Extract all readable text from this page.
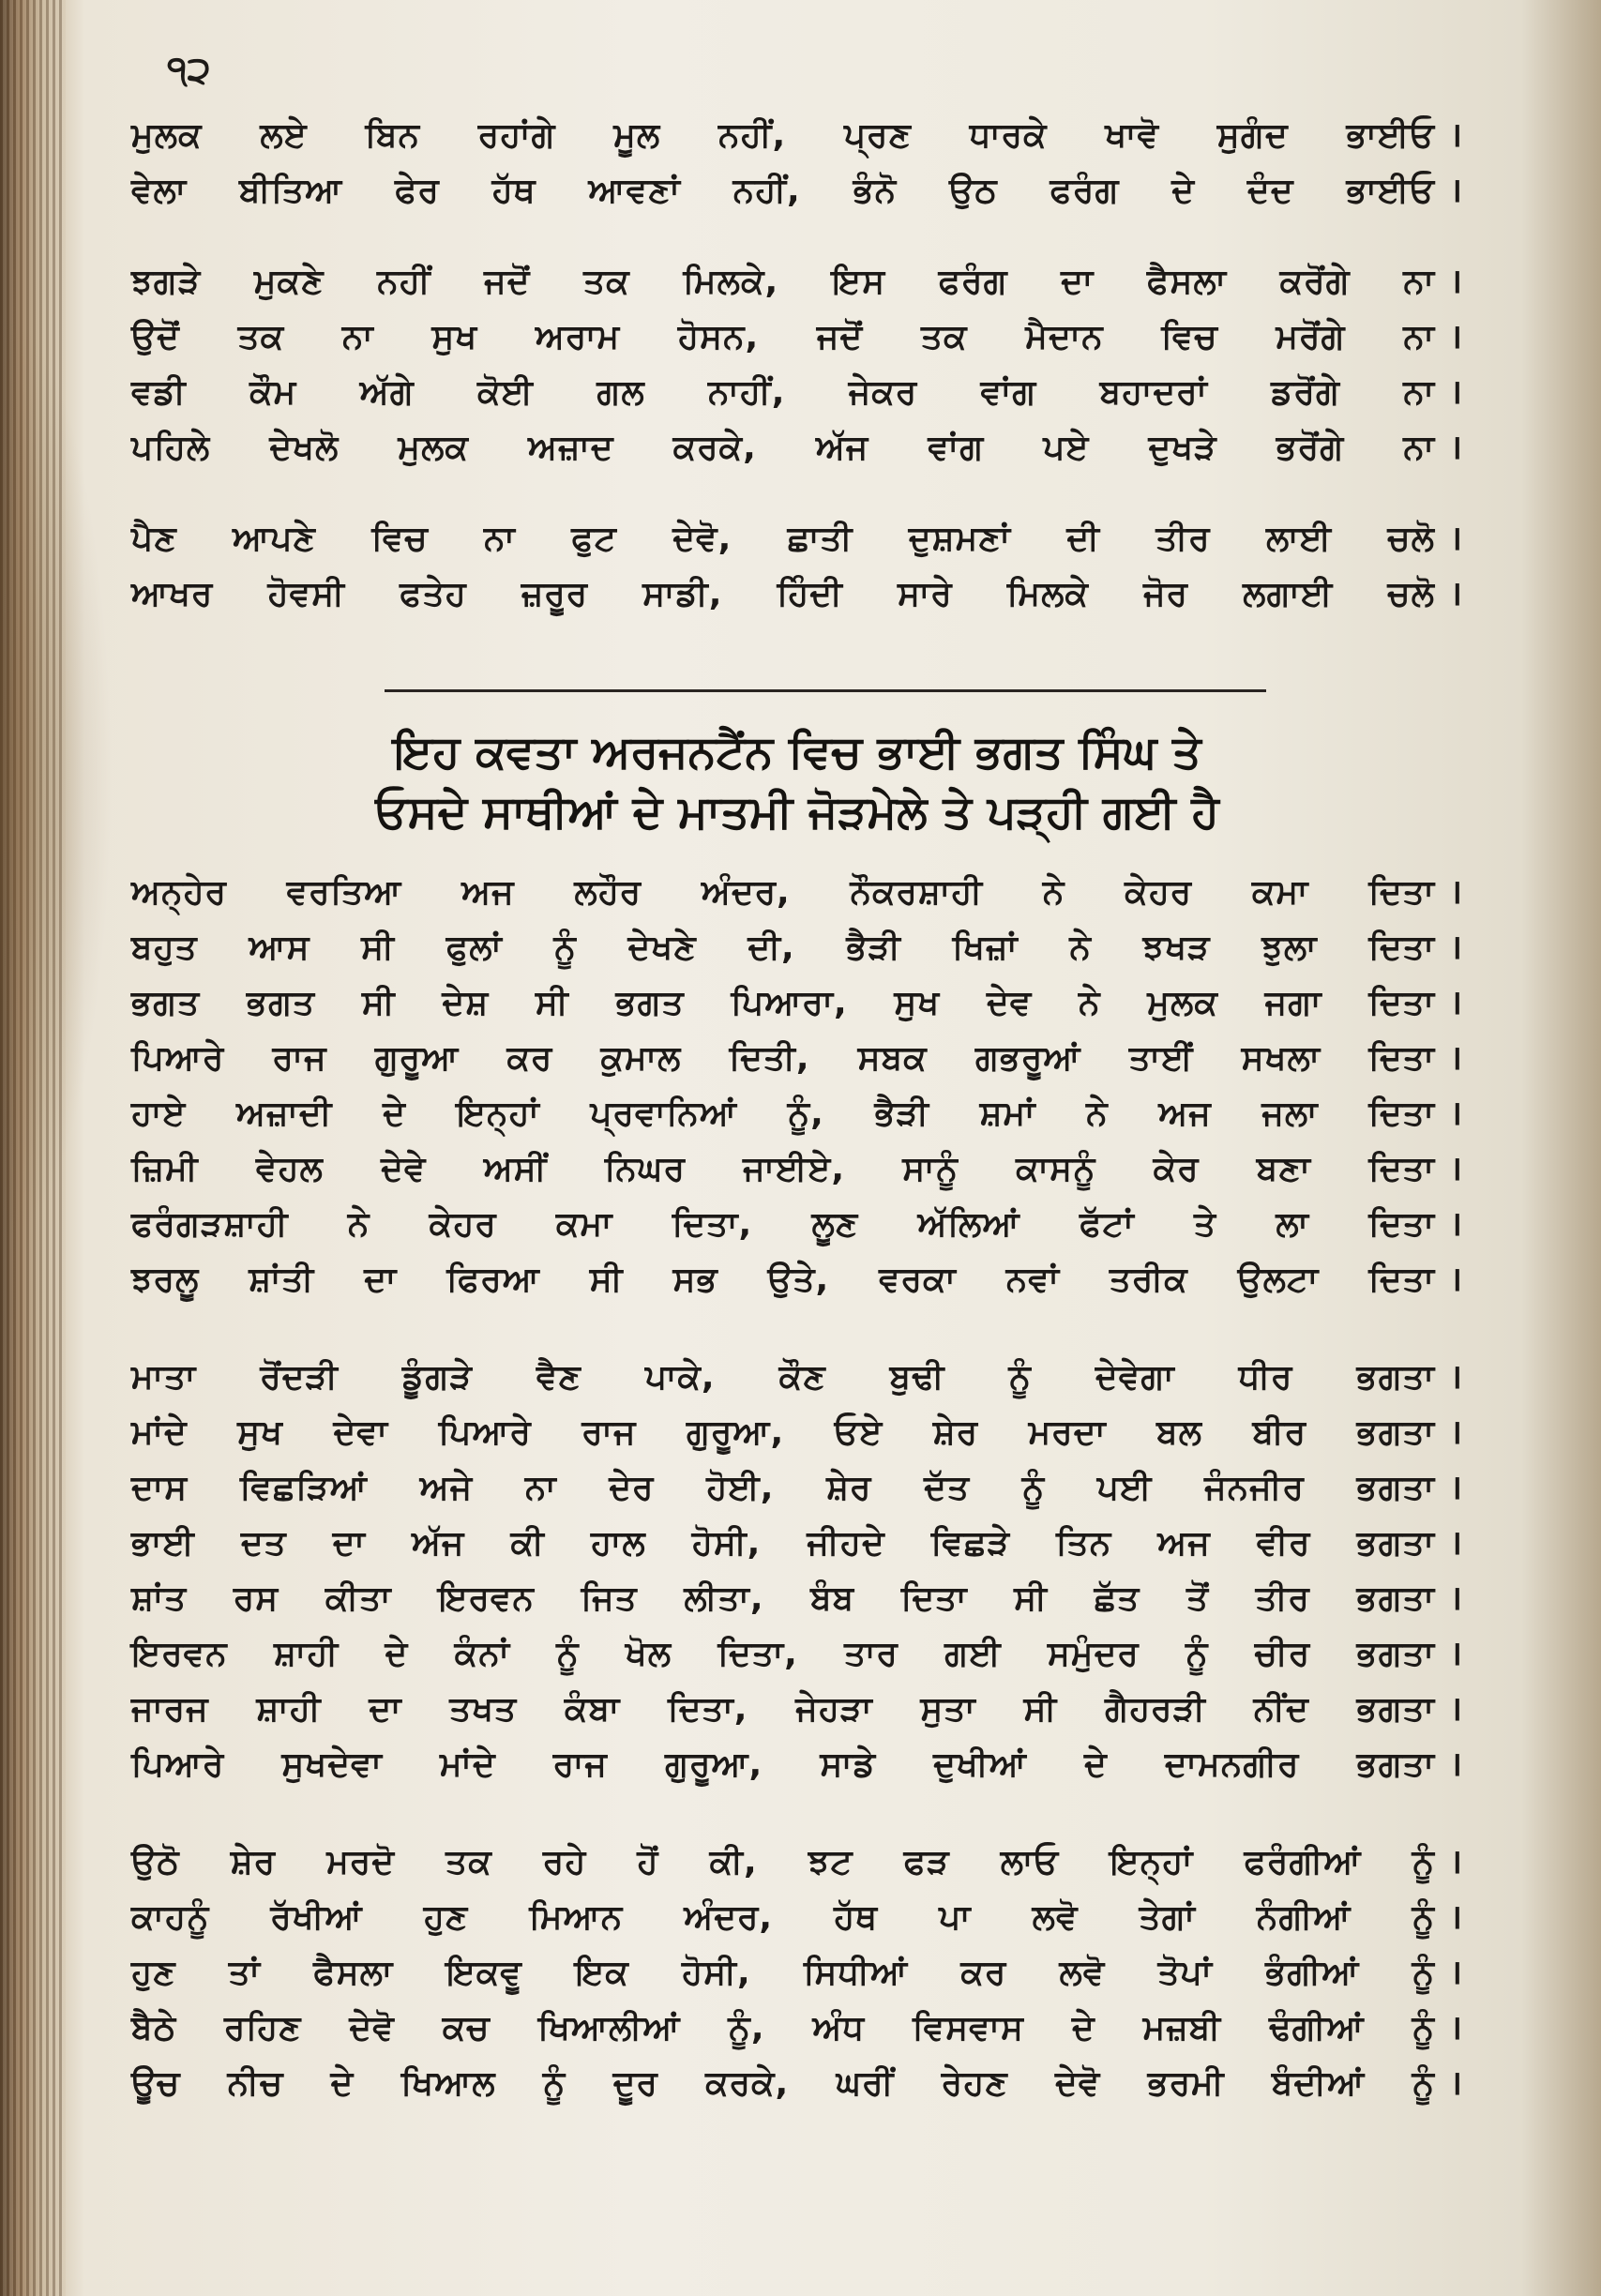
੧੨
ਮੁਲਕ ਲਏ ਬਿਨ ਰਹਾਂਗੇ ਮੂਲ ਨਹੀਂ, ਪ੍ਰਣ ਧਾਰਕੇ ਖਾਵੋ ਸੁਗੰਦ ਭਾਈਓ ।
ਵੇਲਾ ਬੀਤਿਆ ਫੇਰ ਹੱਥ ਆਵਣਾਂ ਨਹੀਂ, ਭੰਨੋ ਉਠ ਫਰੰਗ ਦੇ ਦੰਦ ਭਾਈਓ ।
ਝਗੜੇ ਮੁਕਣੇ ਨਹੀਂ ਜਦੋਂ ਤਕ ਮਿਲਕੇ, ਇਸ ਫਰੰਗ ਦਾ ਫੈਸਲਾ ਕਰੋਂਗੇ ਨਾ ।
ਉਦੋਂ ਤਕ ਨਾ ਸੁਖ ਅਰਾਮ ਹੋਸਨ, ਜਦੋਂ ਤਕ ਮੈਦਾਨ ਵਿਚ ਮਰੋਂਗੇ ਨਾ ।
ਵਡੀ ਕੌਮ ਅੱਗੇ ਕੋਈ ਗਲ ਨਾਹੀਂ, ਜੇਕਰ ਵਾਂਗ ਬਹਾਦਰਾਂ ਡਰੋਂਗੇ ਨਾ ।
ਪਹਿਲੇ ਦੇਖਲੋ ਮੁਲਕ ਅਜ਼ਾਦ ਕਰਕੇ, ਅੱਜ ਵਾਂਗ ਪਏ ਦੁਖੜੇ ਭਰੋਂਗੇ ਨਾ ।
ਪੈਣ ਆਪਣੇ ਵਿਚ ਨਾ ਫੁਟ ਦੇਵੋ, ਛਾਤੀ ਦੁਸ਼ਮਣਾਂ ਦੀ ਤੀਰ ਲਾਈ ਚਲੋ ।
ਆਖਰ ਹੋਵਸੀ ਫਤੇਹ ਜ਼ਰੂਰ ਸਾਡੀ, ਹਿੰਦੀ ਸਾਰੇ ਮਿਲਕੇ ਜੋਰ ਲਗਾਈ ਚਲੋ ।
ਇਹ ਕਵਤਾ ਅਰਜਨਟੈਂਨ ਵਿਚ ਭਾਈ ਭਗਤ ਸਿੰਘ ਤੇ
ਓਸਦੇ ਸਾਥੀਆਂ ਦੇ ਮਾਤਮੀ ਜੋੜਮੇਲੇ ਤੇ ਪੜ੍ਹੀ ਗਈ ਹੈ
ਅਨ੍ਹੇਰ ਵਰਤਿਆ ਅਜ ਲਹੌਰ ਅੰਦਰ, ਨੌਕਰਸ਼ਾਹੀ ਨੇ ਕੇਹਰ ਕਮਾ ਦਿਤਾ ।
ਬਹੁਤ ਆਸ ਸੀ ਫੁਲਾਂ ਨੂੰ ਦੇਖਣੇ ਦੀ, ਭੈੜੀ ਖਿਜ਼ਾਂ ਨੇ ਝਖੜ ਝੁਲਾ ਦਿਤਾ ।
ਭਗਤ ਭਗਤ ਸੀ ਦੇਸ਼ ਸੀ ਭਗਤ ਪਿਆਰਾ, ਸੁਖ ਦੇਵ ਨੇ ਮੁਲਕ ਜਗਾ ਦਿਤਾ ।
ਪਿਆਰੇ ਰਾਜ ਗੁਰੂਆ ਕਰ ਕੁਮਾਲ ਦਿਤੀ, ਸਬਕ ਗਭਰੂਆਂ ਤਾਈਂ ਸਖਲਾ ਦਿਤਾ ।
ਹਾਏ ਅਜ਼ਾਦੀ ਦੇ ਇਨ੍ਹਾਂ ਪ੍ਰਵਾਨਿਆਂ ਨੂੰ, ਭੈੜੀ ਸ਼ਮਾਂ ਨੇ ਅਜ ਜਲਾ ਦਿਤਾ ।
ਜ਼ਿਮੀ ਵੇਹਲ ਦੇਵੇ ਅਸੀਂ ਨਿਘਰ ਜਾਈਏ, ਸਾਨੂੰ ਕਾਸਨੂੰ ਕੇਰ ਬਣਾ ਦਿਤਾ ।
ਫਰੰਗੜਸ਼ਾਹੀ ਨੇ ਕੇਹਰ ਕਮਾ ਦਿਤਾ, ਲੂਣ ਅੱਲਿਆਂ ਫੱਟਾਂ ਤੇ ਲਾ ਦਿਤਾ ।
ਝਰਲੂ ਸ਼ਾਂਤੀ ਦਾ ਫਿਰਆ ਸੀ ਸਭ ਉਤੇ, ਵਰਕਾ ਨਵਾਂ ਤਰੀਕ ਉਲਟਾ ਦਿਤਾ ।
ਮਾਤਾ ਰੋਂਦੜੀ ਡੂੰਗੜੇ ਵੈਣ ਪਾਕੇ, ਕੌਣ ਬੁਢੀ ਨੂੰ ਦੇਵੇਗਾ ਧੀਰ ਭਗਤਾ ।
ਮਾਂਦੇ ਸੁਖ ਦੇਵਾ ਪਿਆਰੇ ਰਾਜ ਗੁਰੂਆ, ਓਏ ਸ਼ੇਰ ਮਰਦਾ ਬਲ ਬੀਰ ਭਗਤਾ ।
ਦਾਸ ਵਿਛੜਿਆਂ ਅਜੇ ਨਾ ਦੇਰ ਹੋਈ, ਸ਼ੇਰ ਦੱਤ ਨੂੰ ਪਈ ਜੰਨਜੀਰ ਭਗਤਾ ।
ਭਾਈ ਦਤ ਦਾ ਅੱਜ ਕੀ ਹਾਲ ਹੋਸੀ, ਜੀਹਦੇ ਵਿਛੜੇ ਤਿਨ ਅਜ ਵੀਰ ਭਗਤਾ ।
ਸ਼ਾਂਤ ਰਸ ਕੀਤਾ ਇਰਵਨ ਜਿਤ ਲੀਤਾ, ਬੰਬ ਦਿਤਾ ਸੀ ਛੱਤ ਤੋਂ ਤੀਰ ਭਗਤਾ ।
ਇਰਵਨ ਸ਼ਾਹੀ ਦੇ ਕੰਨਾਂ ਨੂੰ ਖੋਲ ਦਿਤਾ, ਤਾਰ ਗਈ ਸਮੁੰਦਰ ਨੂੰ ਚੀਰ ਭਗਤਾ ।
ਜਾਰਜ ਸ਼ਾਹੀ ਦਾ ਤਖਤ ਕੰਬਾ ਦਿਤਾ, ਜੇਹੜਾ ਸੁਤਾ ਸੀ ਗੈਹਰੜੀ ਨੀਂਦ ਭਗਤਾ ।
ਪਿਆਰੇ ਸੁਖਦੇਵਾ ਮਾਂਦੇ ਰਾਜ ਗੁਰੂਆ, ਸਾਡੇ ਦੁਖੀਆਂ ਦੇ ਦਾਮਨਗੀਰ ਭਗਤਾ ।
ਉਠੋ ਸ਼ੇਰ ਮਰਦੋ ਤਕ ਰਹੇ ਹੋਂ ਕੀ, ਝਟ ਫੜ ਲਾਓ ਇਨ੍ਹਾਂ ਫਰੰਗੀਆਂ ਨੂੰ ।
ਕਾਹਨੂੰ ਰੱਖੀਆਂ ਹੁਣ ਮਿਆਨ ਅੰਦਰ, ਹੱਥ ਪਾ ਲਵੋ ਤੇਗਾਂ ਨੰਗੀਆਂ ਨੂੰ ।
ਹੁਣ ਤਾਂ ਫੈਸਲਾ ਇਕਵੂ ਇਕ ਹੋਸੀ, ਸਿਧੀਆਂ ਕਰ ਲਵੋ ਤੋਪਾਂ ਭੰਗੀਆਂ ਨੂੰ ।
ਬੈਠੇ ਰਹਿਣ ਦੇਵੋ ਕਚ ਖਿਆਲੀਆਂ ਨੂੰ, ਅੰਧ ਵਿਸਵਾਸ ਦੇ ਮਜ਼ਬੀ ਢੰਗੀਆਂ ਨੂੰ ।
ਊਚ ਨੀਚ ਦੇ ਖਿਆਲ ਨੂੰ ਦੂਰ ਕਰਕੇ, ਘਰੀਂ ਰੇਹਣ ਦੇਵੋ ਭਰਮੀ ਬੰਦੀਆਂ ਨੂੰ ।
